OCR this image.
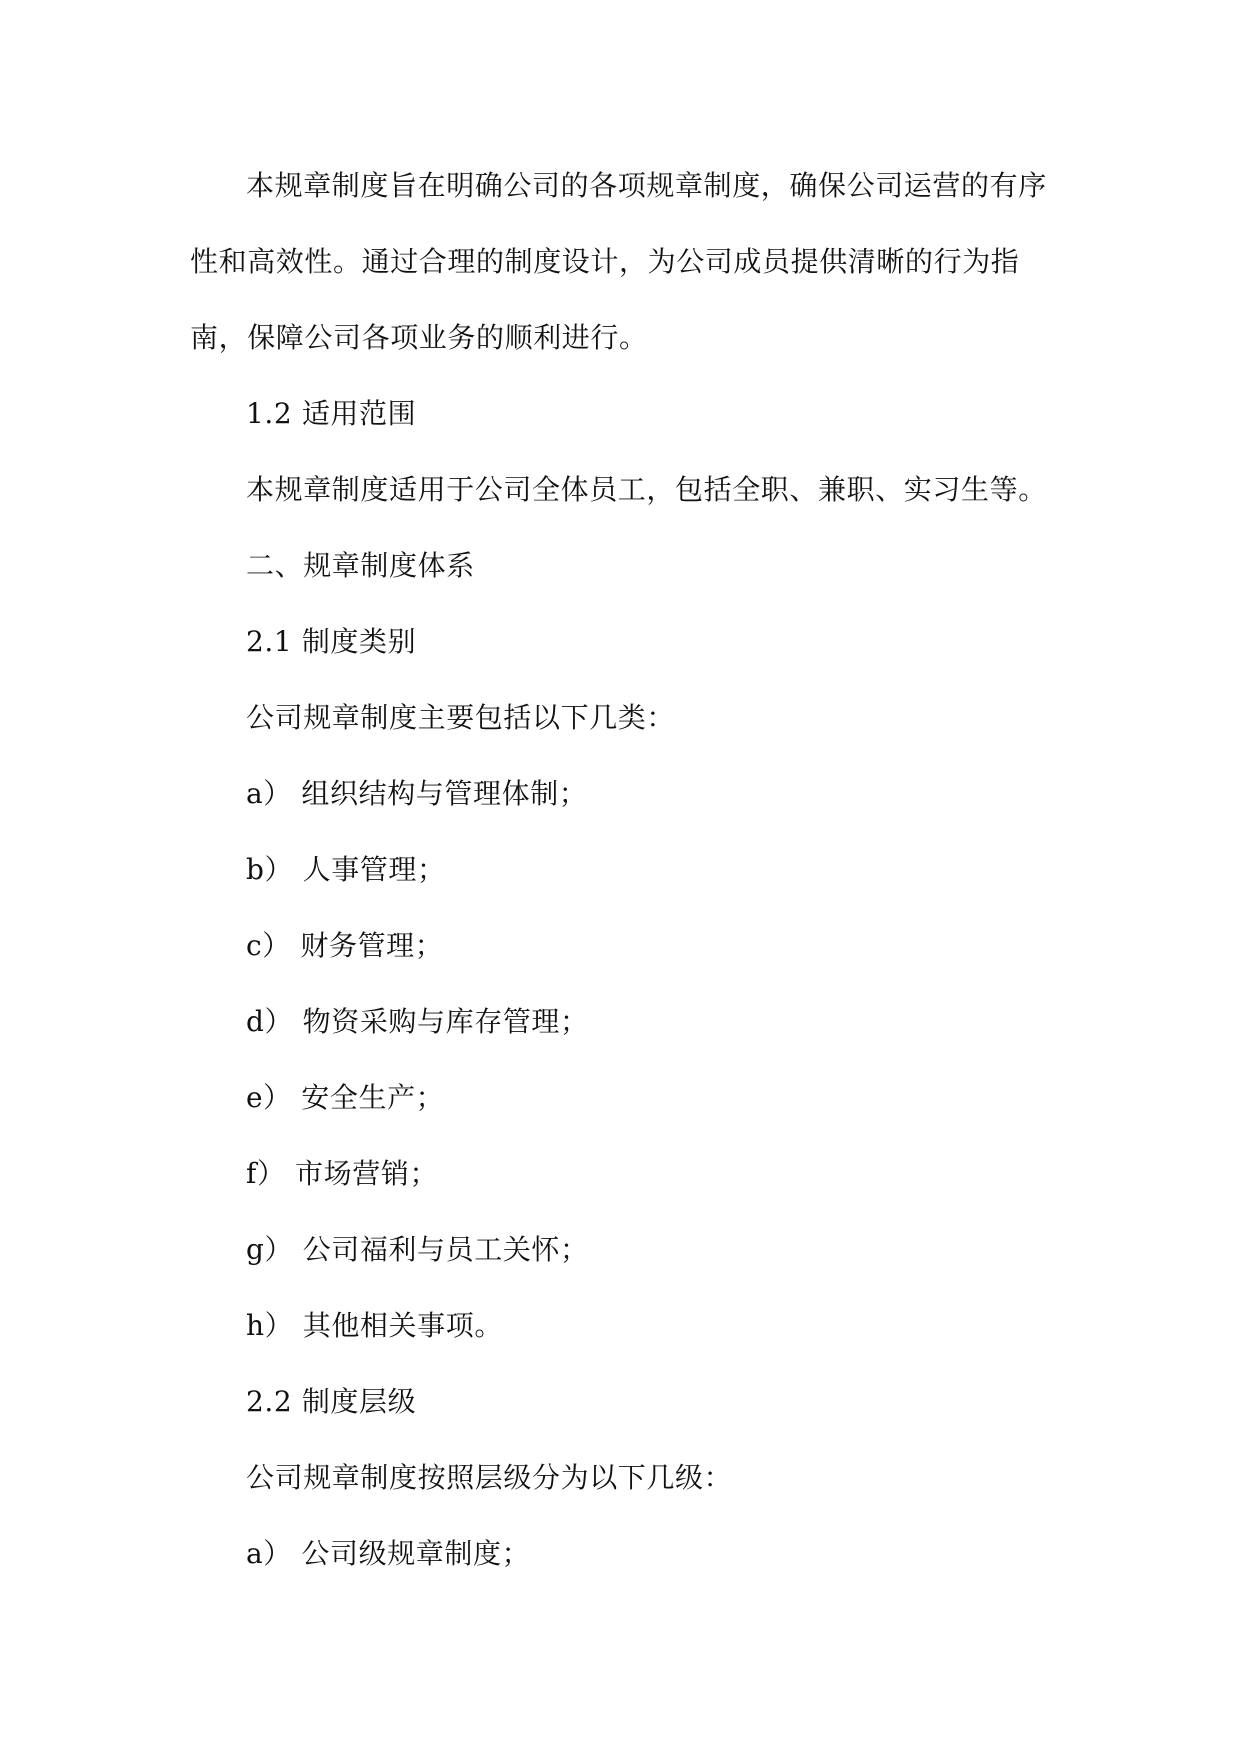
本规章制度旨在明确公司的各项规章制度，确保公司运营的有序性和高效性。通过合理的制度设计，为公司成员提供清晰的行为指南，保障公司各项业务的顺利进行。

1.2 适用范围

本规章制度适用于公司全体员工，包括全职、兼职、实习生等。

二、规章制度体系

2.1 制度类别

公司规章制度主要包括以下几类：

a） 组织结构与管理体制；

b） 人事管理；

c） 财务管理；

d） 物资采购与库存管理；

e） 安全生产；

f） 市场营销；

g） 公司福利与员工关怀；

h） 其他相关事项。

2.2 制度层级

公司规章制度按照层级分为以下几级：

a） 公司级规章制度；
